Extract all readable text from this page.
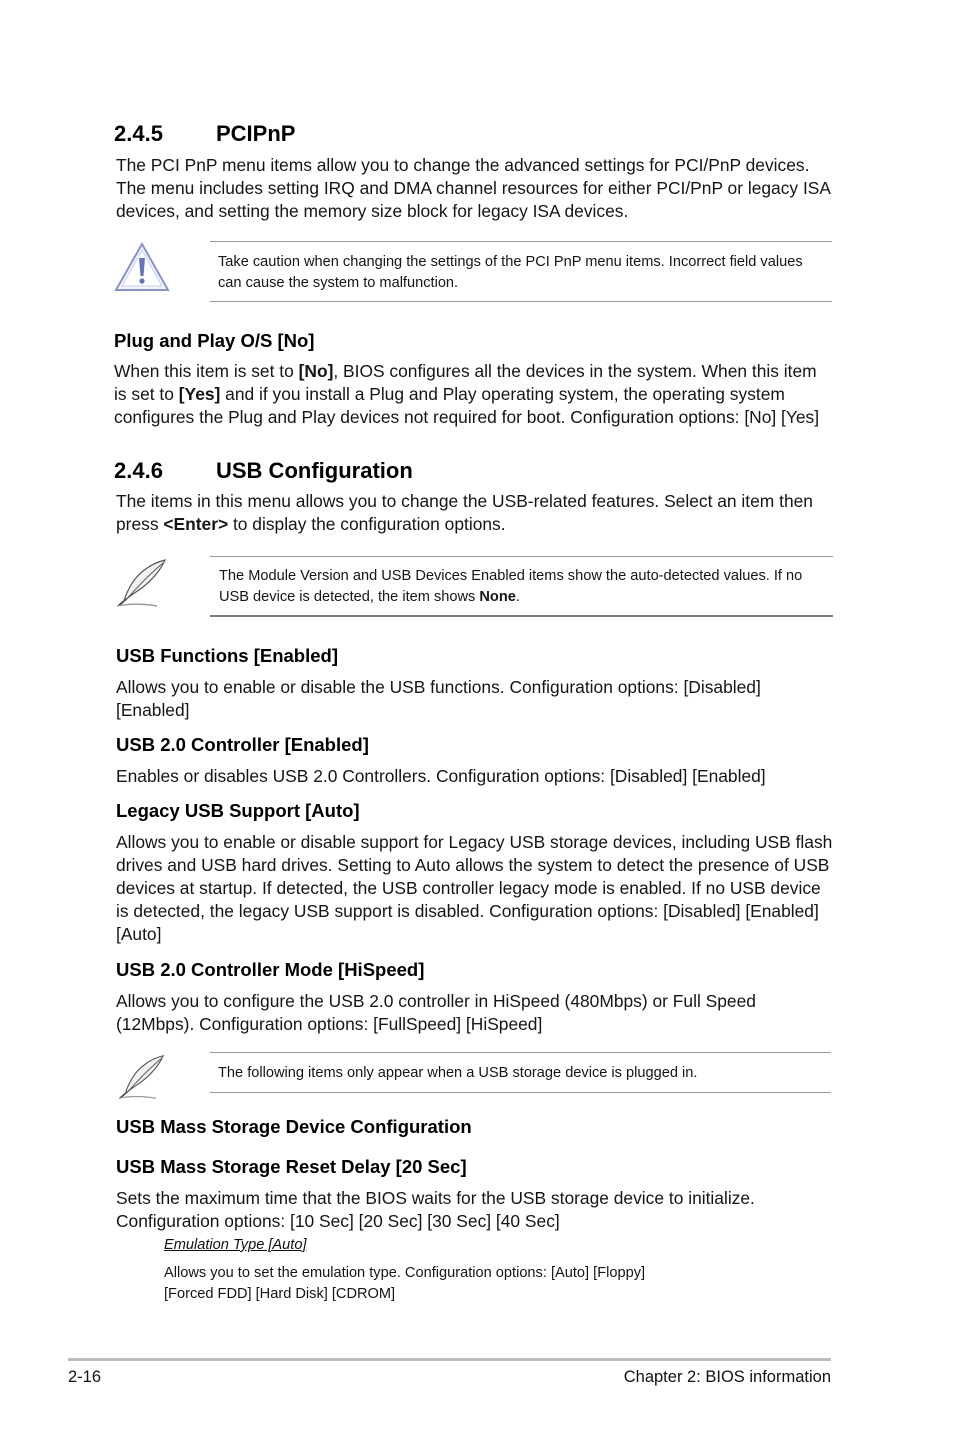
2.4.5 PCIPnP
The PCI PnP menu items allow you to change the advanced settings for PCI/PnP devices.
The menu includes setting IRQ and DMA channel resources for either PCI/PnP or legacy ISA
devices, and setting the memory size block for legacy ISA devices.
Take caution when changing the settings of the PCI PnP menu items. Incorrect field values
can cause the system to malfunction.
Plug and Play O/S [No]
When this item is set to [No], BIOS configures all the devices in the system. When this item
is set to [Yes] and if you install a Plug and Play operating system, the operating system
configures the Plug and Play devices not required for boot. Configuration options: [No] [Yes]
2.4.6 USB Configuration
The items in this menu allows you to change the USB-related features. Select an item then
press <Enter> to display the configuration options.
The Module Version and USB Devices Enabled items show the auto-detected values. If no
USB device is detected, the item shows None.
USB Functions [Enabled]
Allows you to enable or disable the USB functions. Configuration options: [Disabled]
[Enabled]
USB 2.0 Controller [Enabled]
Enables or disables USB 2.0 Controllers. Configuration options: [Disabled] [Enabled]
Legacy USB Support [Auto]
Allows you to enable or disable support for Legacy USB storage devices, including USB flash
drives and USB hard drives. Setting to Auto allows the system to detect the presence of USB
devices at startup. If detected, the USB controller legacy mode is enabled. If no USB device
is detected, the legacy USB support is disabled. Configuration options: [Disabled] [Enabled]
[Auto]
USB 2.0 Controller Mode [HiSpeed]
Allows you to configure the USB 2.0 controller in HiSpeed (480Mbps) or Full Speed
(12Mbps). Configuration options: [FullSpeed] [HiSpeed]
The following items only appear when a USB storage device is plugged in.
USB Mass Storage Device Configuration
USB Mass Storage Reset Delay [20 Sec]
Sets the maximum time that the BIOS waits for the USB storage device to initialize.
Configuration options: [10 Sec] [20 Sec] [30 Sec] [40 Sec]
Emulation Type [Auto]
Allows you to set the emulation type. Configuration options: [Auto] [Floppy]
[Forced FDD] [Hard Disk] [CDROM]
2-16	Chapter 2: BIOS information
